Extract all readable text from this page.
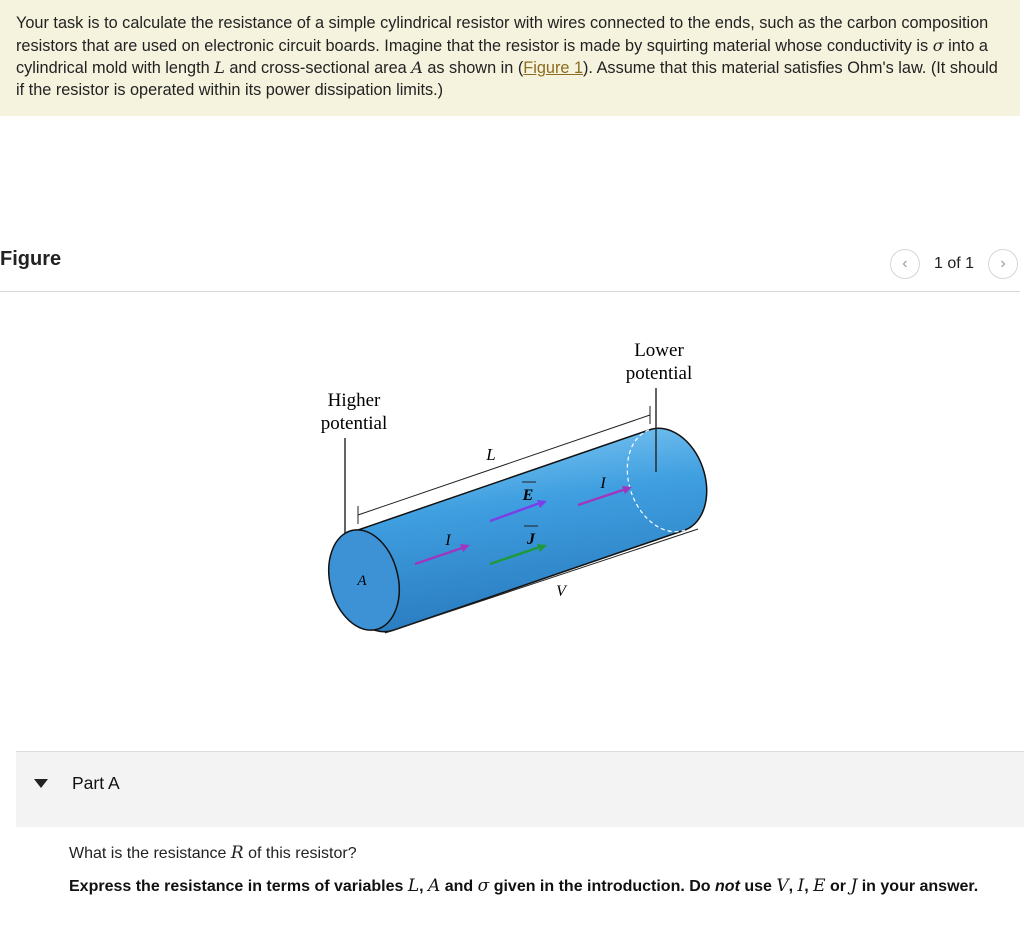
Your task is to calculate the resistance of a simple cylindrical resistor with wires connected to the ends, such as the carbon composition resistors that are used on electronic circuit boards. Imagine that the resistor is made by squirting material whose conductivity is σ into a cylindrical mold with length L and cross-sectional area A as shown in (Figure 1). Assume that this material satisfies Ohm's law. (It should if the resistor is operated within its power dissipation limits.)
Figure	‹	1 of 1	›
Higher
potential
Lower
potential
L
E
J
I
I
A
V
Part A
What is the resistance R of this resistor?
Express the resistance in terms of variables L, A and σ given in the introduction. Do not use V, I, E or J in your answer.
